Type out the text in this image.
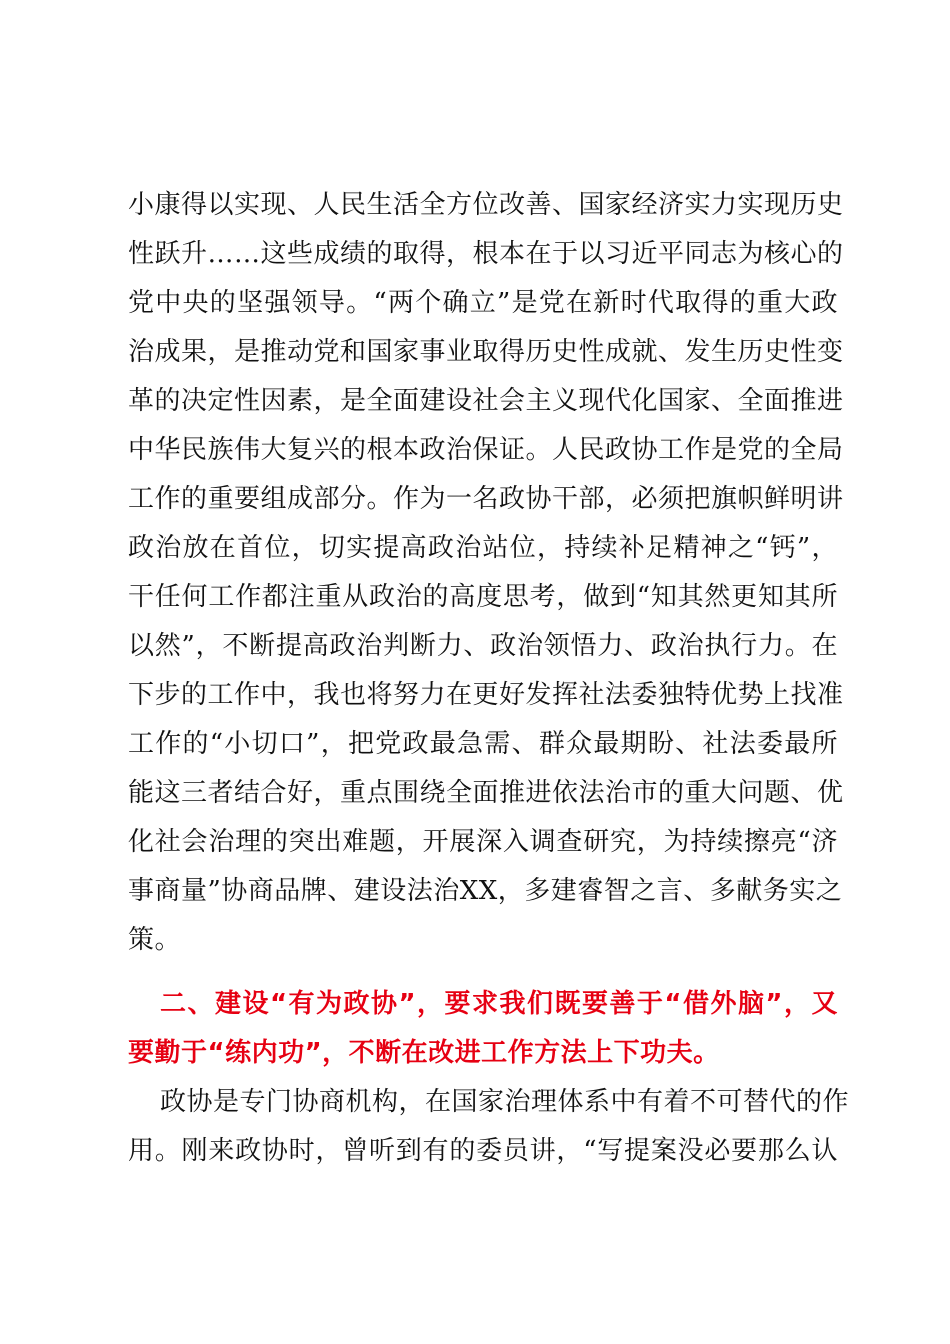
小康得以实现、人民生活全方位改善、国家经济实力实现历史
性跃升……这些成绩的取得，根本在于以习近平同志为核心的
党中央的坚强领导。“两个确立”是党在新时代取得的重大政
治成果，是推动党和国家事业取得历史性成就、发生历史性变
革的决定性因素，是全面建设社会主义现代化国家、全面推进
中华民族伟大复兴的根本政治保证。人民政协工作是党的全局
工作的重要组成部分。作为一名政协干部，必须把旗帜鲜明讲
政治放在首位，切实提高政治站位，持续补足精神之“钙”，
干任何工作都注重从政治的高度思考，做到“知其然更知其所
以然”，不断提高政治判断力、政治领悟力、政治执行力。在
下步的工作中，我也将努力在更好发挥社法委独特优势上找准
工作的“小切口”，把党政最急需、群众最期盼、社法委最所
能这三者结合好，重点围绕全面推进依法治市的重大问题、优
化社会治理的突出难题，开展深入调查研究，为持续擦亮“济
事商量”协商品牌、建设法治XX，多建睿智之言、多献务实之
策。
二、建设“有为政协”，要求我们既要善于“借外脑”，又
要勤于“练内功”，不断在改进工作方法上下功夫。
政协是专门协商机构，在国家治理体系中有着不可替代的作
用。刚来政协时，曾听到有的委员讲，“写提案没必要那么认
